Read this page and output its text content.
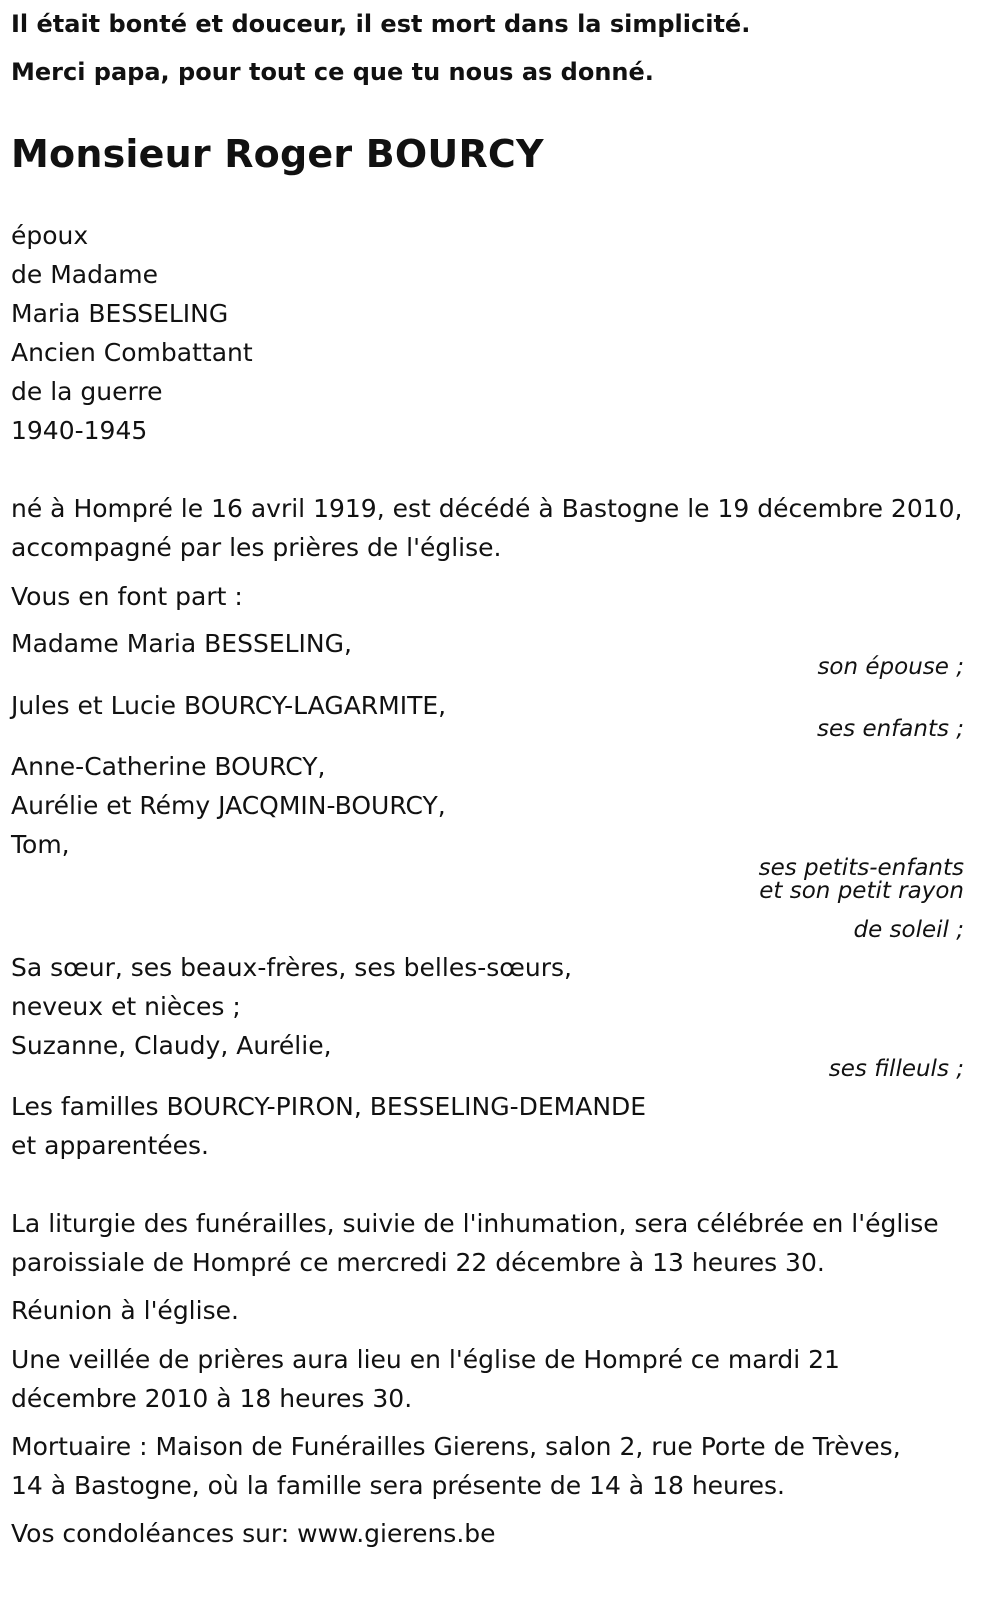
Il était bonté et douceur, il est mort dans la simplicité.

Merci papa, pour tout ce que tu nous as donné.

Monsieur Roger BOURCY

époux

de Madame

Maria BESSELING

Ancien Combattant

de la guerre

1940-1945

né à Hompré le 16 avril 1919, est décédé à Bastogne le 19 décembre 2010,

accompagné par les prières de l'église.

Vous en font part :

Madame Maria BESSELING,

son épouse ;

Jules et Lucie BOURCY-LAGARMITE,

ses enfants ;

Anne-Catherine BOURCY,

Aurélie et Rémy JACQMIN-BOURCY,

Tom,

ses petits-enfants

et son petit rayon

de soleil ;

Sa sœur, ses beaux-frères, ses belles-sœurs,

neveux et nièces ;

Suzanne, Claudy, Aurélie,

ses filleuls ;

Les familles BOURCY-PIRON, BESSELING-DEMANDE

et apparentées.

La liturgie des funérailles, suivie de l'inhumation, sera célébrée en l'église

paroissiale de Hompré ce mercredi 22 décembre à 13 heures 30.

Réunion à l'église.

Une veillée de prières aura lieu en l'église de Hompré ce mardi 21

décembre 2010 à 18 heures 30.

Mortuaire : Maison de Funérailles Gierens, salon 2, rue Porte de Trèves,

14 à Bastogne, où la famille sera présente de 14 à 18 heures.

Vos condoléances sur: www.gierens.be
